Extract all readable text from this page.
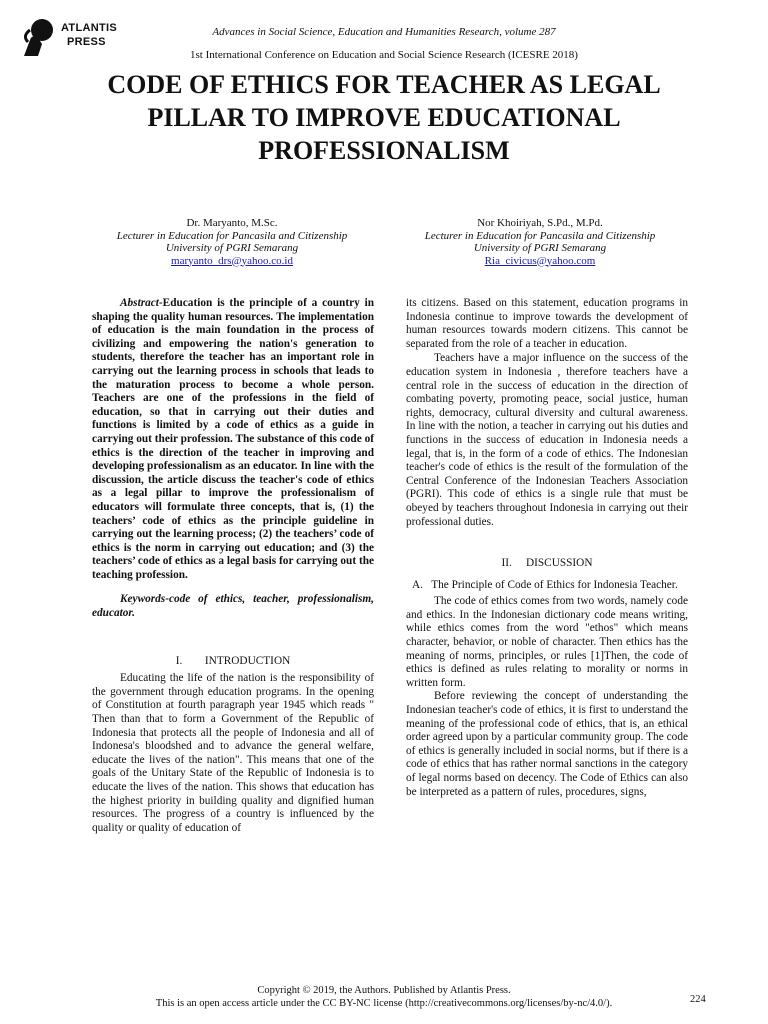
ATLANTIS
PRESS
Advances in Social Science, Education and Humanities Research, volume 287
1st International Conference on Education and Social Science Research (ICESRE 2018)
CODE OF ETHICS FOR TEACHER AS LEGAL PILLAR TO IMPROVE EDUCATIONAL PROFESSIONALISM
Dr. Maryanto, M.Sc.
Lecturer in Education for Pancasila and Citizenship
University of PGRI Semarang
maryanto_drs@yahoo.co.id
Nor Khoiriyah, S.Pd., M.Pd.
Lecturer in Education for Pancasila and Citizenship
University of PGRI Semarang
Ria_civicus@yahoo.com

Abstract-Education is the principle of a country in shaping the quality human resources. The implementation of education is the main foundation in the process of civilizing and empowering the nation's generation to students, therefore the teacher has an important role in carrying out the learning process in schools that leads to the maturation process to become a whole person. Teachers are one of the professions in the field of education, so that in carrying out their duties and functions is limited by a code of ethics as a guide in carrying out their profession. The substance of this code of ethics is the direction of the teacher in improving and developing professionalism as an educator. In line with the discussion, the article discuss the teacher's code of ethics as a legal pillar to improve the professionalism of educators will formulate three concepts, that is, (1) the teachers’ code of ethics as the principle guideline in carrying out the learning process; (2) the teachers’ code of ethics is the norm in carrying out education; and (3) the teachers’ code of ethics as a legal basis for carrying out the teaching profession.

Keywords-code of ethics, teacher, professionalism, educator.

I.        INTRODUCTION

Educating the life of the nation is the responsibility of the government through education programs. In the opening of Constitution at fourth paragraph year 1945 which reads " Then than that to form a Government of the Republic of Indonesia that protects all the people of Indonesia and all of Indonesa's bloodshed and to advance the general welfare, educate the lives of the nation". This means that one of the goals of the Unitary State of the Republic of Indonesia is to educate the lives of the nation. This shows that education has the highest priority in building quality and dignified human resources. The progress of a country is influenced by the quality or quality of education of

its citizens. Based on this statement, education programs in Indonesia continue to improve towards the development of human resources towards modern citizens. This cannot be separated from the role of a teacher in education.

Teachers have a major influence on the success of the education system in Indonesia , therefore teachers have a central role in the success of education in the direction of combating poverty, promoting peace, social justice, human rights, democracy, cultural diversity and cultural awareness. In line with the notion, a teacher in carrying out his duties and functions in the success of education in Indonesia needs a legal, that is, in the form of a code of ethics. The Indonesian teacher's code of ethics is the result of the formulation of the Central Conference of the Indonesian Teachers Association (PGRI). This code of ethics is a single rule that must be obeyed by teachers throughout Indonesia in carrying out their professional duties.

II.     DISCUSSION

A.   The Principle of Code of Ethics for Indonesia Teacher.

The code of ethics comes from two words, namely code and ethics. In the Indonesian dictionary code means writing, while ethics comes from the word "ethos" which means character, behavior, or noble of character. Then ethics has the meaning of norms, principles, or rules [1]Then, the code of ethics is defined as rules relating to morality or norms in written form.

Before reviewing the concept of understanding the Indonesian teacher's code of ethics, it is first to understand the meaning of the professional code of ethics, that is, an ethical order agreed upon by a particular community group. The code of ethics is generally included in social norms, but if there is a code of ethics that has rather normal sanctions in the category of legal norms based on decency. The Code of Ethics can also be interpreted as a pattern of rules, procedures, signs,

Copyright © 2019, the Authors. Published by Atlantis Press.
This is an open access article under the CC BY-NC license (http://creativecommons.org/licenses/by-nc/4.0/).	224
